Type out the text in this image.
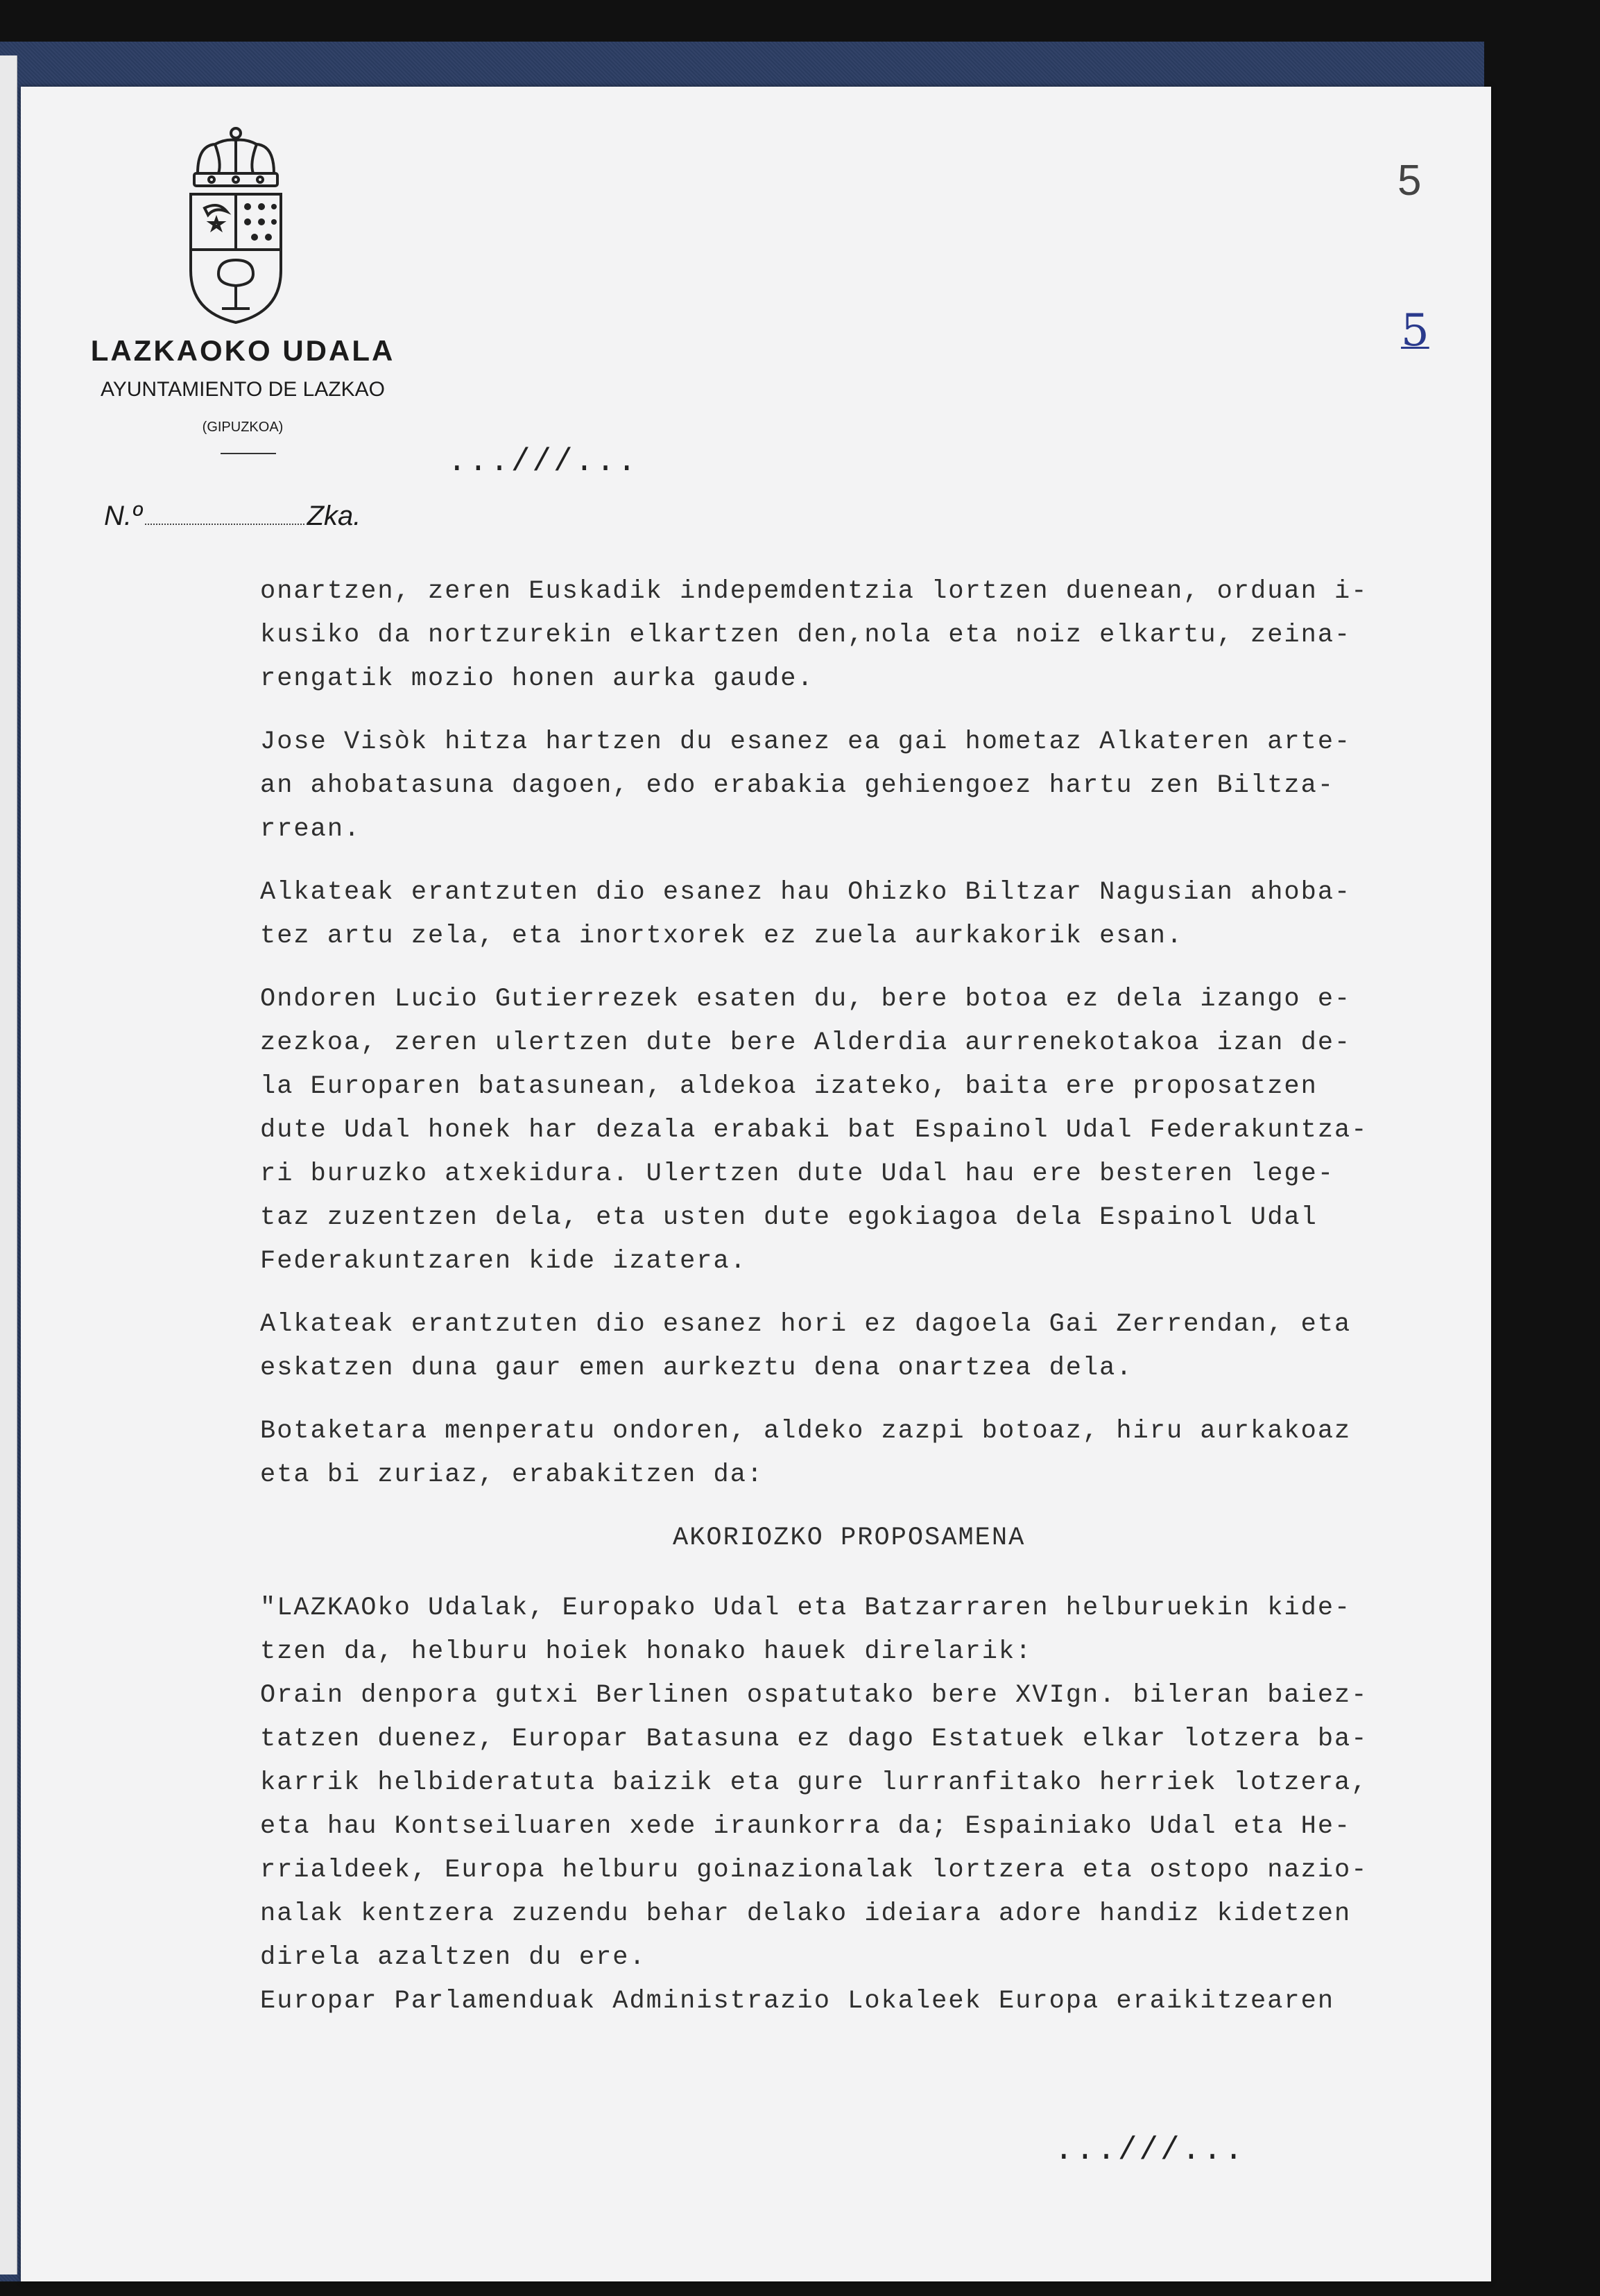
LAZKAOKO UDALA
AYUNTAMIENTO DE LAZKAO
(GIPUZKOA)
N.º	Zka.
5
5
...///...
onartzen, zeren Euskadik indepemdentzia lortzen duenean, orduan i-
kusiko da nortzurekin elkartzen den,nola eta noiz elkartu, zeina-
rengatik mozio honen aurka gaude.
Jose Visòk hitza hartzen du esanez ea gai hometaz Alkateren arte-
an ahobatasuna dagoen, edo erabakia gehiengoez hartu zen Biltza-
rrean.
Alkateak erantzuten dio esanez hau Ohizko Biltzar Nagusian ahoba-
tez artu zela, eta inortxorek ez zuela aurkakorik esan.
Ondoren Lucio Gutierrezek esaten du, bere botoa ez dela izango e-
zezkoa, zeren ulertzen dute bere Alderdia aurrenekotakoa izan de-
la Europaren batasunean, aldekoa izateko, baita ere proposatzen
dute Udal honek har dezala erabaki bat Espainol Udal Federakuntza-
ri buruzko atxekidura. Ulertzen dute Udal hau ere besteren lege-
taz zuzentzen dela, eta usten dute egokiagoa dela Espainol Udal
Federakuntzaren kide izatera.
Alkateak erantzuten dio esanez hori ez dagoela Gai Zerrendan, eta
eskatzen duna gaur emen aurkeztu dena onartzea dela.
Botaketara menperatu ondoren, aldeko zazpi botoaz, hiru aurkakoaz
eta bi zuriaz, erabakitzen da:
AKORIOZKO PROPOSAMENA
"LAZKAOko Udalak, Europako Udal eta Batzarraren helburuekin kide-
tzen da, helburu hoiek honako hauek direlarik:
Orain denpora gutxi Berlinen ospatutako bere XVIgn. bileran baiez-
tatzen duenez, Europar Batasuna ez dago Estatuek elkar lotzera ba-
karrik helbideratuta baizik eta gure lurranfitako herriek lotzera,
eta hau Kontseiluaren xede iraunkorra da; Espainiako Udal eta He-
rrialdeek, Europa helburu goinazionalak lortzera eta ostopo nazio-
nalak kentzera zuzendu behar delako ideiara adore handiz kidetzen
direla azaltzen du ere.
Europar Parlamenduak Administrazio Lokaleek Europa eraikitzearen
...///...
